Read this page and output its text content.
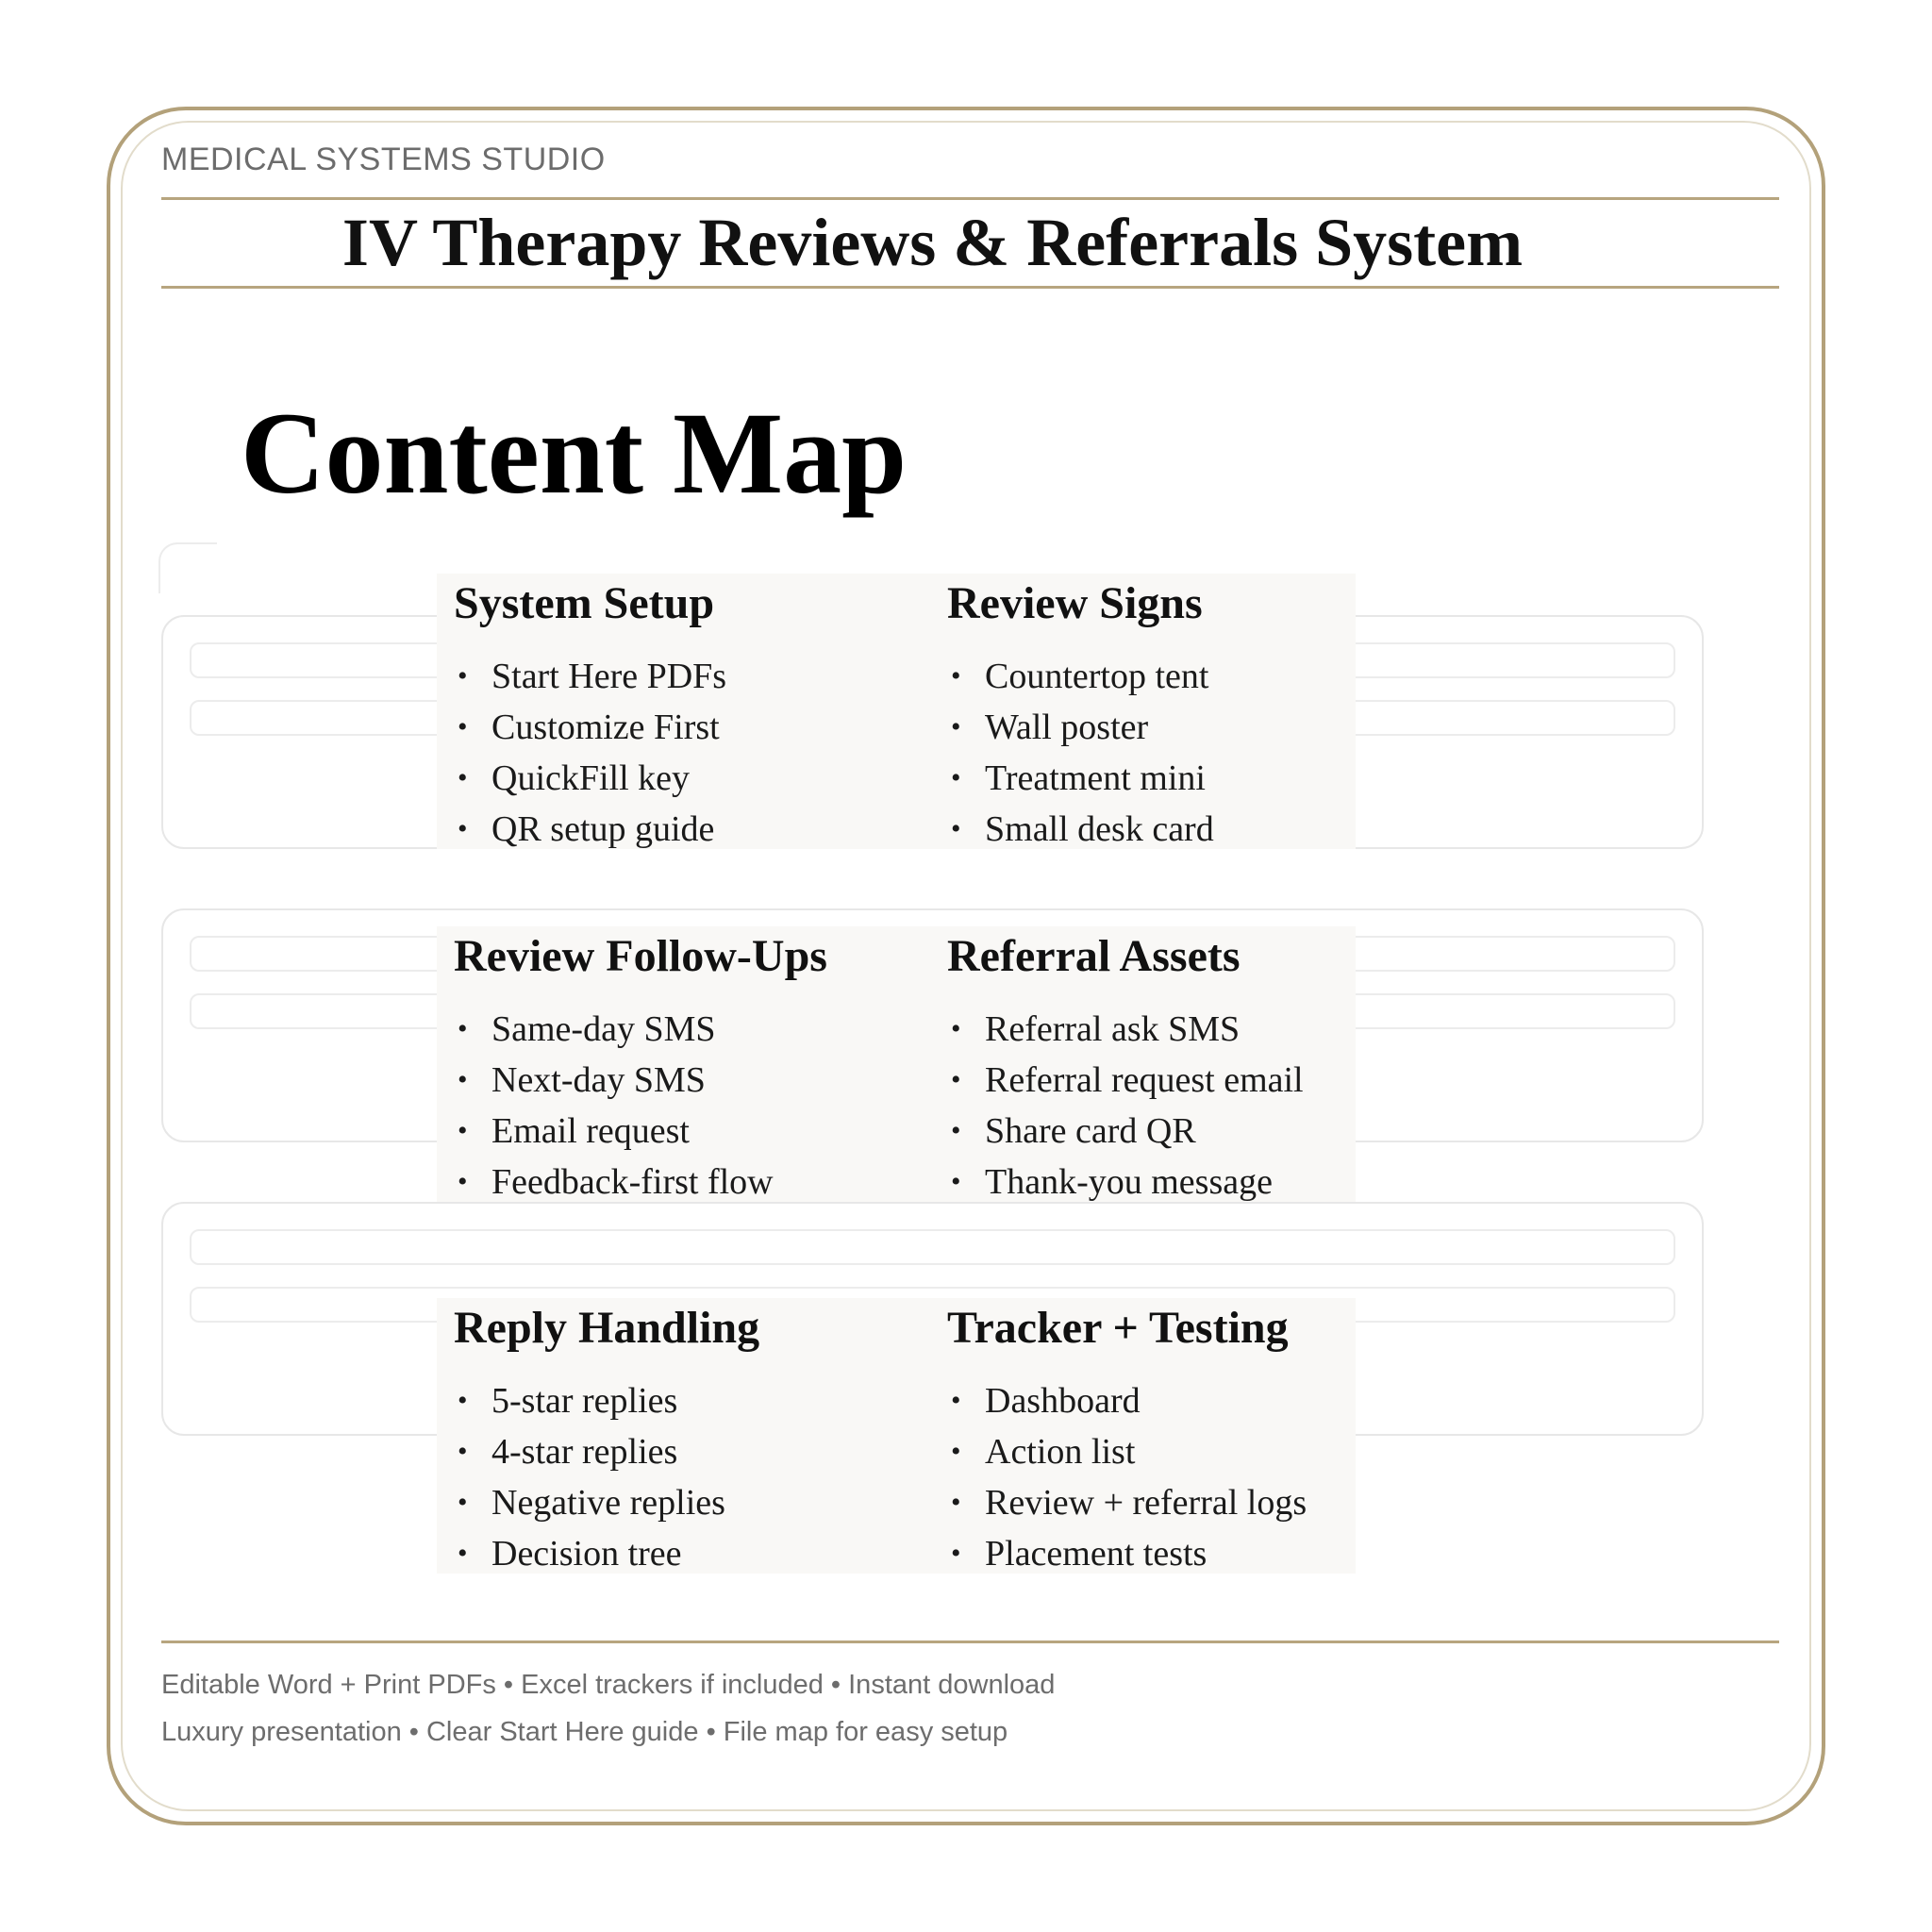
MEDICAL SYSTEMS STUDIO
IV Therapy Reviews & Referrals System
Content Map
System Setup
• Start Here PDFs
• Customize First
• QuickFill key
• QR setup guide
Review Signs
• Countertop tent
• Wall poster
• Treatment mini
• Small desk card
Review Follow-Ups
• Same-day SMS
• Next-day SMS
• Email request
• Feedback-first flow
Referral Assets
• Referral ask SMS
• Referral request email
• Share card QR
• Thank-you message
Reply Handling
• 5-star replies
• 4-star replies
• Negative replies
• Decision tree
Tracker + Testing
• Dashboard
• Action list
• Review + referral logs
• Placement tests
Editable Word + Print PDFs • Excel trackers if included • Instant download
Luxury presentation • Clear Start Here guide • File map for easy setup
